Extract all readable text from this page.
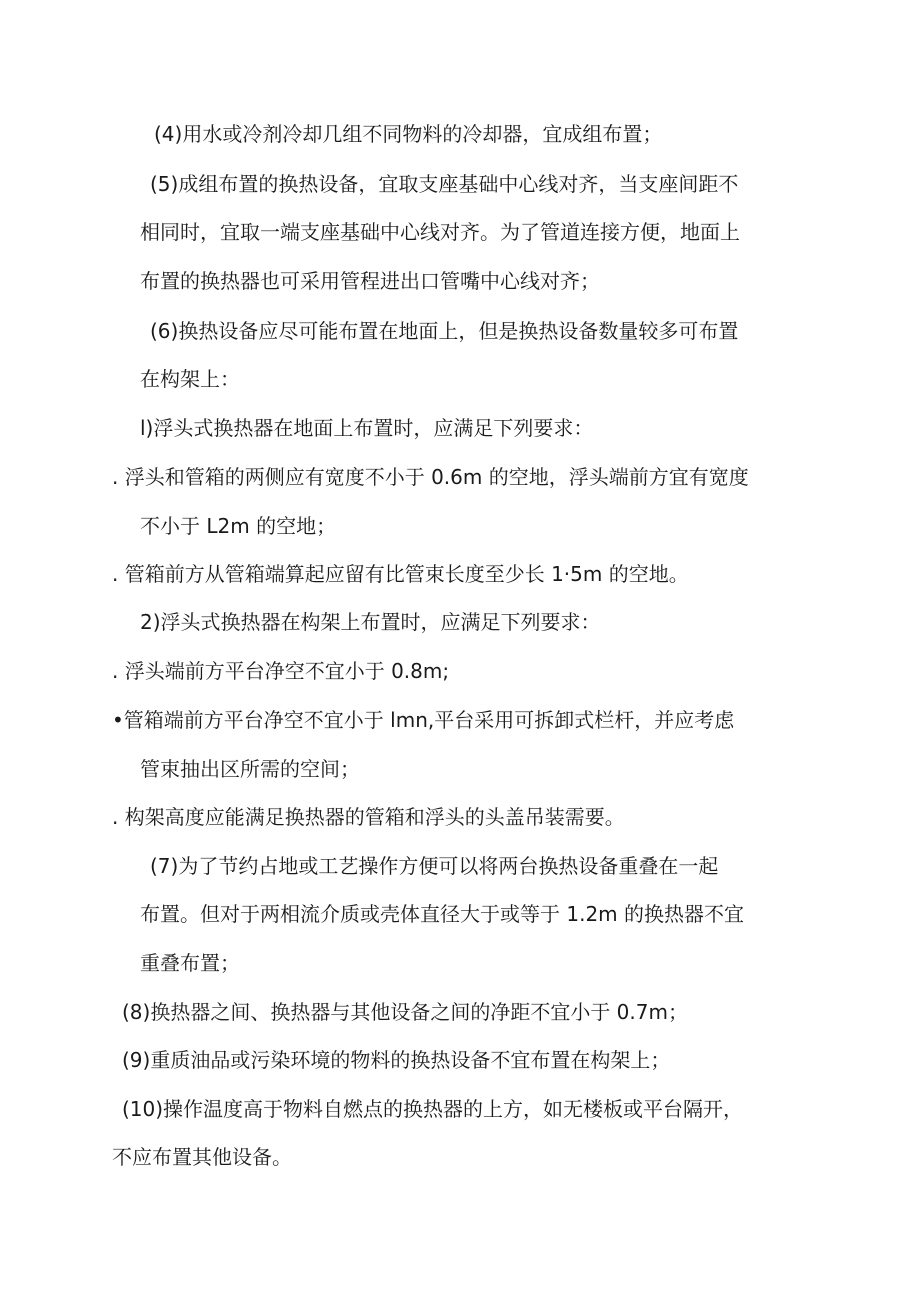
(4)用水或冷剂冷却几组不同物料的冷却器，宜成组布置；
(5)成组布置的换热设备，宜取支座基础中心线对齐，当支座间距不
相同时，宜取一端支座基础中心线对齐。为了管道连接方便，地面上
布置的换热器也可采用管程进出口管嘴中心线对齐；
(6)换热设备应尽可能布置在地面上，但是换热设备数量较多可布置
在构架上：
l)浮头式换热器在地面上布置时，应满足下列要求：
. 浮头和管箱的两侧应有宽度不小于 0.6m 的空地，浮头端前方宜有宽度
不小于 L2m 的空地；
. 管箱前方从管箱端算起应留有比管束长度至少长 1·5m 的空地。
2)浮头式换热器在构架上布置时，应满足下列要求：
. 浮头端前方平台净空不宜小于 0.8m;
•管箱端前方平台净空不宜小于 lmn,平台采用可拆卸式栏杆，并应考虑
管束抽出区所需的空间；
. 构架高度应能满足换热器的管箱和浮头的头盖吊装需要。
(7)为了节约占地或工艺操作方便可以将两台换热设备重叠在一起
布置。但对于两相流介质或壳体直径大于或等于 1.2m 的换热器不宜
重叠布置；
(8)换热器之间、换热器与其他设备之间的净距不宜小于 0.7m；
(9)重质油品或污染环境的物料的换热设备不宜布置在构架上；
(10)操作温度高于物料自燃点的换热器的上方，如无楼板或平台隔开，
不应布置其他设备。
